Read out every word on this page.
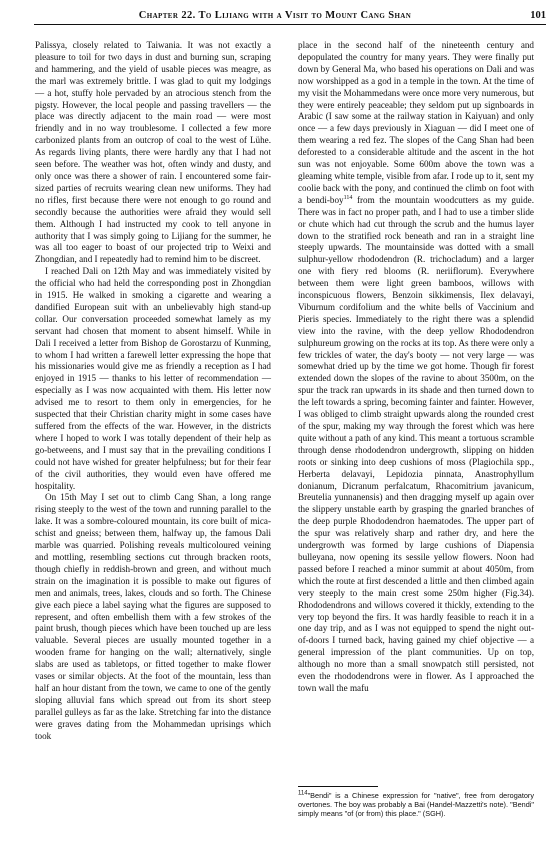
Chapter 22. To Lijiang with a Visit to Mount Cang Shan	101

Palissya, closely related to Taiwania. It was not exactly a pleasure to toil for two days in dust and burning sun, scraping and hammering, and the yield of usable pieces was meagre, as the marl was extremely brittle. I was glad to quit my lodgings — a hot, stuffy hole pervaded by an atrocious stench from the pigsty. However, the local people and passing travellers — the place was directly adjacent to the main road — were most friendly and in no way troublesome. I collected a few more carbonized plants from an outcrop of coal to the west of Lühe. As regards living plants, there were hardly any that I had not seen before. The weather was hot, often windy and dusty, and only once was there a shower of rain. I encountered some fair-sized parties of recruits wearing clean new uniforms. They had no rifles, first because there were not enough to go round and secondly because the authorities were afraid they would sell them. Although I had instructed my cook to tell anyone in authority that I was simply going to Lijiang for the summer, he was all too eager to boast of our projected trip to Weixi and Zhongdian, and I repeatedly had to remind him to be discreet.

I reached Dali on 12th May and was immediately visited by the official who had held the corresponding post in Zhongdian in 1915. He walked in smoking a cigarette and wearing a dandified European suit with an unbelievably high stand-up collar. Our conversation proceeded somewhat lamely as my servant had chosen that moment to absent himself. While in Dali I received a letter from Bishop de Gorostarzu of Kunming, to whom I had written a farewell letter expressing the hope that his missionaries would give me as friendly a reception as I had enjoyed in 1915 — thanks to his letter of recommendation — especially as I was now acquainted with them. His letter now advised me to resort to them only in emergencies, for he suspected that their Christian charity might in some cases have suffered from the effects of the war. However, in the districts where I hoped to work I was totally dependent of their help as go-betweens, and I must say that in the prevailing conditions I could not have wished for greater helpfulness; but for their fear of the civil authorities, they would even have offered me hospitality.

On 15th May I set out to climb Cang Shan, a long range rising steeply to the west of the town and running parallel to the lake. It was a sombre-coloured mountain, its core built of mica-schist and gneiss; between them, halfway up, the famous Dali marble was quarried. Polishing reveals multicoloured veining and mottling, resembling sections cut through bracken roots, though chiefly in reddish-brown and green, and without much strain on the imagination it is possible to make out figures of men and animals, trees, lakes, clouds and so forth. The Chinese give each piece a label saying what the figures are supposed to represent, and often embellish them with a few strokes of the paint brush, though pieces which have been touched up are less valuable. Several pieces are usually mounted together in a wooden frame for hanging on the wall; alternatively, single slabs are used as tabletops, or fitted together to make flower vases or similar objects. At the foot of the mountain, less than half an hour distant from the town, we came to one of the gently sloping alluvial fans which spread out from its short steep parallel gulleys as far as the lake. Stretching far into the distance were graves dating from the Mohammedan uprisings which took

place in the second half of the nineteenth century and depopulated the country for many years. They were finally put down by General Ma, who based his operations on Dali and was now worshipped as a god in a temple in the town. At the time of my visit the Mohammedans were once more very numerous, but they were entirely peaceable; they seldom put up signboards in Arabic (I saw some at the railway station in Kaiyuan) and only once — a few days previously in Xiaguan — did I meet one of them wearing a red fez. The slopes of the Cang Shan had been deforested to a considerable altitude and the ascent in the hot sun was not enjoyable. Some 600m above the town was a gleaming white temple, visible from afar. I rode up to it, sent my coolie back with the pony, and continued the climb on foot with a bendi-boy$^{114}$ from the mountain woodcutters as my guide. There was in fact no proper path, and I had to use a timber slide or chute which had cut through the scrub and the humus layer down to the stratified rock beneath and ran in a straight line steeply upwards. The mountainside was dotted with a small sulphur-yellow rhododendron (R. trichocladum) and a larger one with fiery red blooms (R. neriiflorum). Everywhere between them were light green bamboos, willows with inconspicuous flowers, Benzoin sikkimensis, Ilex delavayi, Viburnum cordifolium and the white bells of Vaccinium and Pieris species. Immediately to the right there was a splendid view into the ravine, with the deep yellow Rhododendron sulphureum growing on the rocks at its top. As there were only a few trickles of water, the day's booty — not very large — was somewhat dried up by the time we got home. Though fir forest extended down the slopes of the ravine to about 3500m, on the spur the track ran upwards in its shade and then turned down to the left towards a spring, becoming fainter and fainter. However, I was obliged to climb straight upwards along the rounded crest of the spur, making my way through the forest which was here quite without a path of any kind. This meant a tortuous scramble through dense rhododendron undergrowth, slipping on hidden roots or sinking into deep cushions of moss (Plagiochila spp., Herberta delavayi, Lepidozia pinnata, Anastrophyllum donianum, Dicranum perfalcatum, Rhacomitrium javanicum, Breutelia yunnanensis) and then dragging myself up again over the slippery unstable earth by grasping the gnarled branches of the deep purple Rhododendron haematodes. The upper part of the spur was relatively sharp and rather dry, and here the undergrowth was formed by large cushions of Diapensia bulleyana, now opening its sessile yellow flowers. Noon had passed before I reached a minor summit at about 4050m, from which the route at first descended a little and then climbed again very steeply to the main crest some 250m higher (Fig.34). Rhododendrons and willows covered it thickly, extending to the very top beyond the firs. It was hardly feasible to reach it in a one day trip, and as I was not equipped to spend the night out-of-doors I turned back, having gained my chief objective — a general impression of the plant communities. Up on top, although no more than a small snowpatch still persisted, not even the rhododendrons were in flower. As I approached the town wall the mafu

$^{114}$"Bendi" is a Chinese expression for "native", free from derogatory overtones. The boy was probably a Bai (Handel-Mazzetti's note). "Bendi" simply means "of (or from) this place." (SGH).
